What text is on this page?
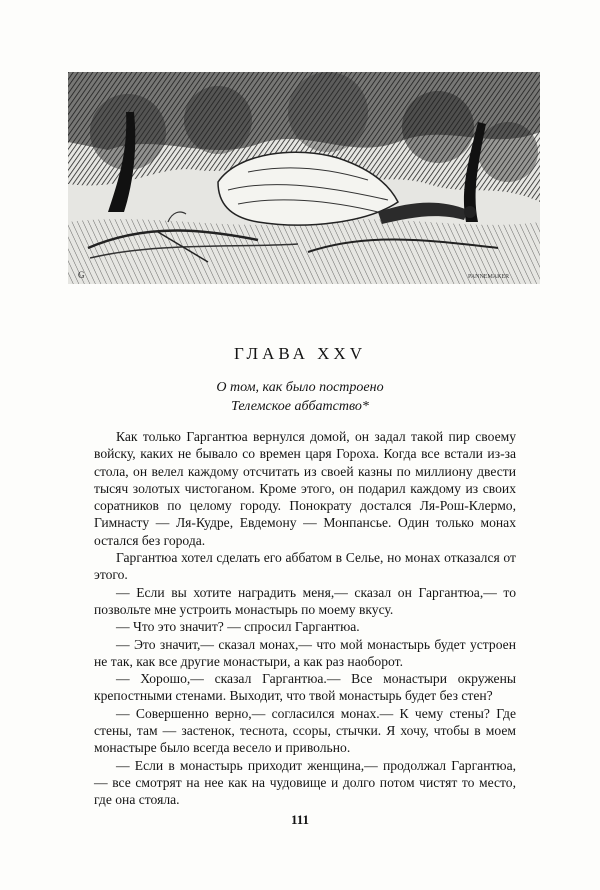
G	PANNEMAKER
ГЛАВА XXV
О том, как было построено
Телемское аббатство*

Как только Гаргантюа вернулся домой, он задал такой пир своему войску, каких не бывало со времен царя Гороха. Когда все встали из-за стола, он велел каждому отсчитать из своей казны по миллиону двести тысяч золотых чистоганом. Кроме этого, он подарил каждому из своих соратников по целому городу. Понократу достался Ля-Рош-Клермо, Гимнасту — Ля-Кудре, Евдемону — Монпансье. Один только монах остался без города.

Гаргантюа хотел сделать его аббатом в Селье, но монах отказался от этого.

— Если вы хотите наградить меня,— сказал он Гаргантюа,— то позвольте мне устроить монастырь по моему вкусу.

— Что это значит? — спросил Гаргантюа.

— Это значит,— сказал монах,— что мой монастырь будет устроен не так, как все другие монастыри, а как раз наоборот.

— Хорошо,— сказал Гаргантюа.— Все монастыри окружены крепостными стенами. Выходит, что твой монастырь будет без стен?

— Совершенно верно,— согласился монах.— К чему стены? Где стены, там — застенок, теснота, ссоры, стычки. Я хочу, чтобы в моем монастыре было всегда весело и привольно.

— Если в монастырь приходит женщина,— продолжал Гаргантюа,— все смотрят на нее как на чудовище и долго потом чистят то место, где она стояла.

111
